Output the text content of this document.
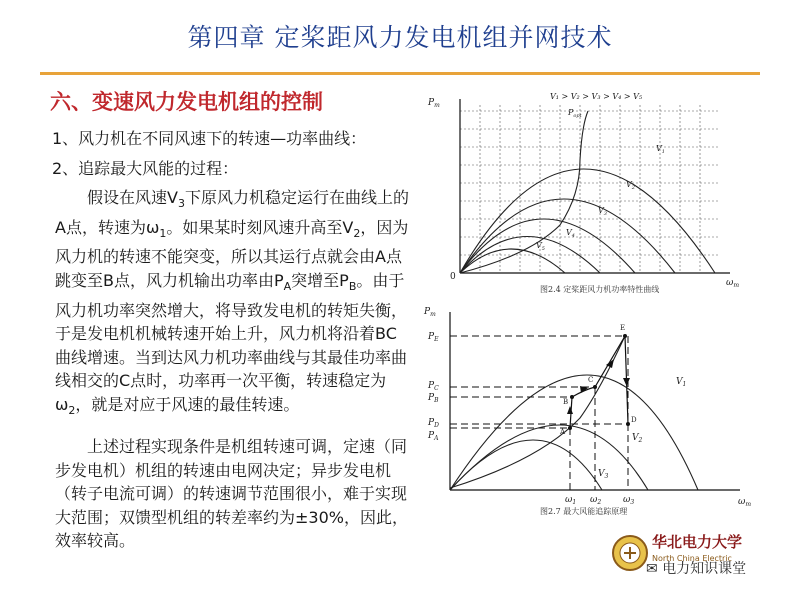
第四章 定桨距风力发电机组并网技术
六、变速风力发电机组的控制
1、风力机在不同风速下的转速—功率曲线：
2、追踪最大风能的过程：

假设在风速$V_3$下原风力机稳定运行在曲线上的A点，转速为$\omega_1$。如果某时刻风速升高至$V_2$，因为风力机的转速不能突变，所以其运行点就会由A点跳变至B点，风力机输出功率由$P_A$突增至$P_B$。由于风力机功率突然增大，将导致发电机的转矩失衡，于是发电机机械转速开始上升，风力机将沿着BC曲线增速。当到达风力机功率曲线与其最佳功率曲线相交的C点时，功率再一次平衡，转速稳定为$\omega_2$，就是对应于风速的最佳转速。

上述过程实现条件是机组转速可调，定速（同步发电机）机组的转速由电网决定；异步发电机（转子电流可调）的转速调节范围很小，难于实现大范围；双馈型机组的转差率约为±30%，因此，效率较高。

$P_m$
$\omega_m$
0
V₁ > V₂ > V₃ > V₄ > V₅
$P_{opt}$
$V_1$
$V_2$
$V_3$
$V_4$
$V_5$
图2.4 定桨距风力机功率特性曲线
$P_m$
$\omega_m$
$P_E$
$P_C$
$P_B$
$P_D$
$P_A$
A
B
C
D
E
$V_1$
$V_2$
$V_3$
$\omega_1$ $\omega_2$ $\omega_3$
图2.7 最大风能追踪原理
华北电力大学
North China Electric
✉ 电力知识课堂
